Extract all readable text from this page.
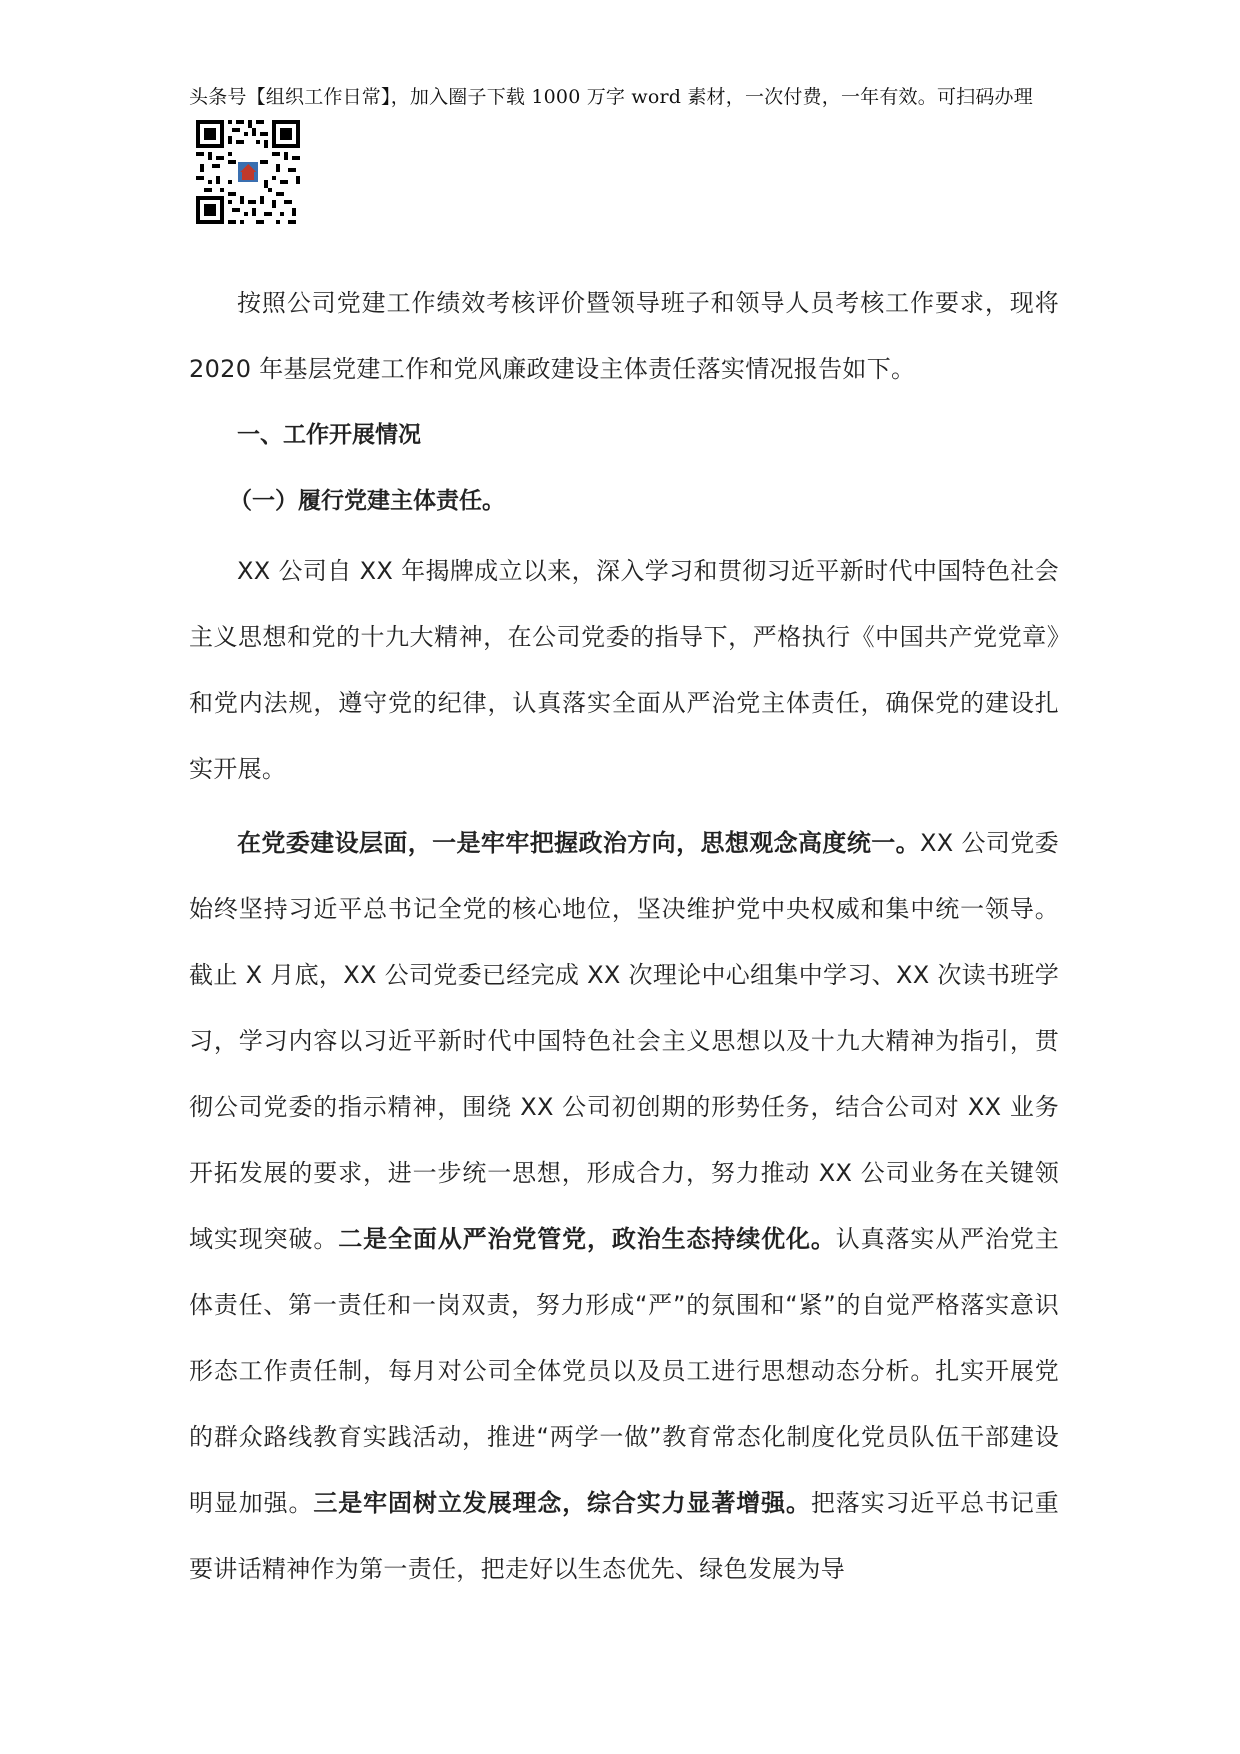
头条号【组织工作日常】，加入圈子下载 1000 万字 word 素材，一次付费，一年有效。可扫码办理

按照公司党建工作绩效考核评价暨领导班子和领导人员考核工作要求，现将 2020 年基层党建工作和党风廉政建设主体责任落实情况报告如下。

一、工作开展情况

（一）履行党建主体责任。

XX 公司自 XX 年揭牌成立以来，深入学习和贯彻习近平新时代中国特色社会主义思想和党的十九大精神，在公司党委的指导下，严格执行《中国共产党党章》和党内法规，遵守党的纪律，认真落实全面从严治党主体责任，确保党的建设扎实开展。

在党委建设层面，一是牢牢把握政治方向，思想观念高度统一。XX 公司党委始终坚持习近平总书记全党的核心地位，坚决维护党中央权威和集中统一领导。截止 X 月底，XX 公司党委已经完成 XX 次理论中心组集中学习、XX 次读书班学习，学习内容以习近平新时代中国特色社会主义思想以及十九大精神为指引，贯彻公司党委的指示精神，围绕 XX 公司初创期的形势任务，结合公司对 XX 业务开拓发展的要求，进一步统一思想，形成合力，努力推动 XX 公司业务在关键领域实现突破。二是全面从严治党管党，政治生态持续优化。认真落实从严治党主体责任、第一责任和一岗双责，努力形成“严”的氛围和“紧”的自觉严格落实意识形态工作责任制，每月对公司全体党员以及员工进行思想动态分析。扎实开展党的群众路线教育实践活动，推进“两学一做”教育常态化制度化党员队伍干部建设明显加强。三是牢固树立发展理念，综合实力显著增强。把落实习近平总书记重要讲话精神作为第一责任，把走好以生态优先、绿色发展为导
